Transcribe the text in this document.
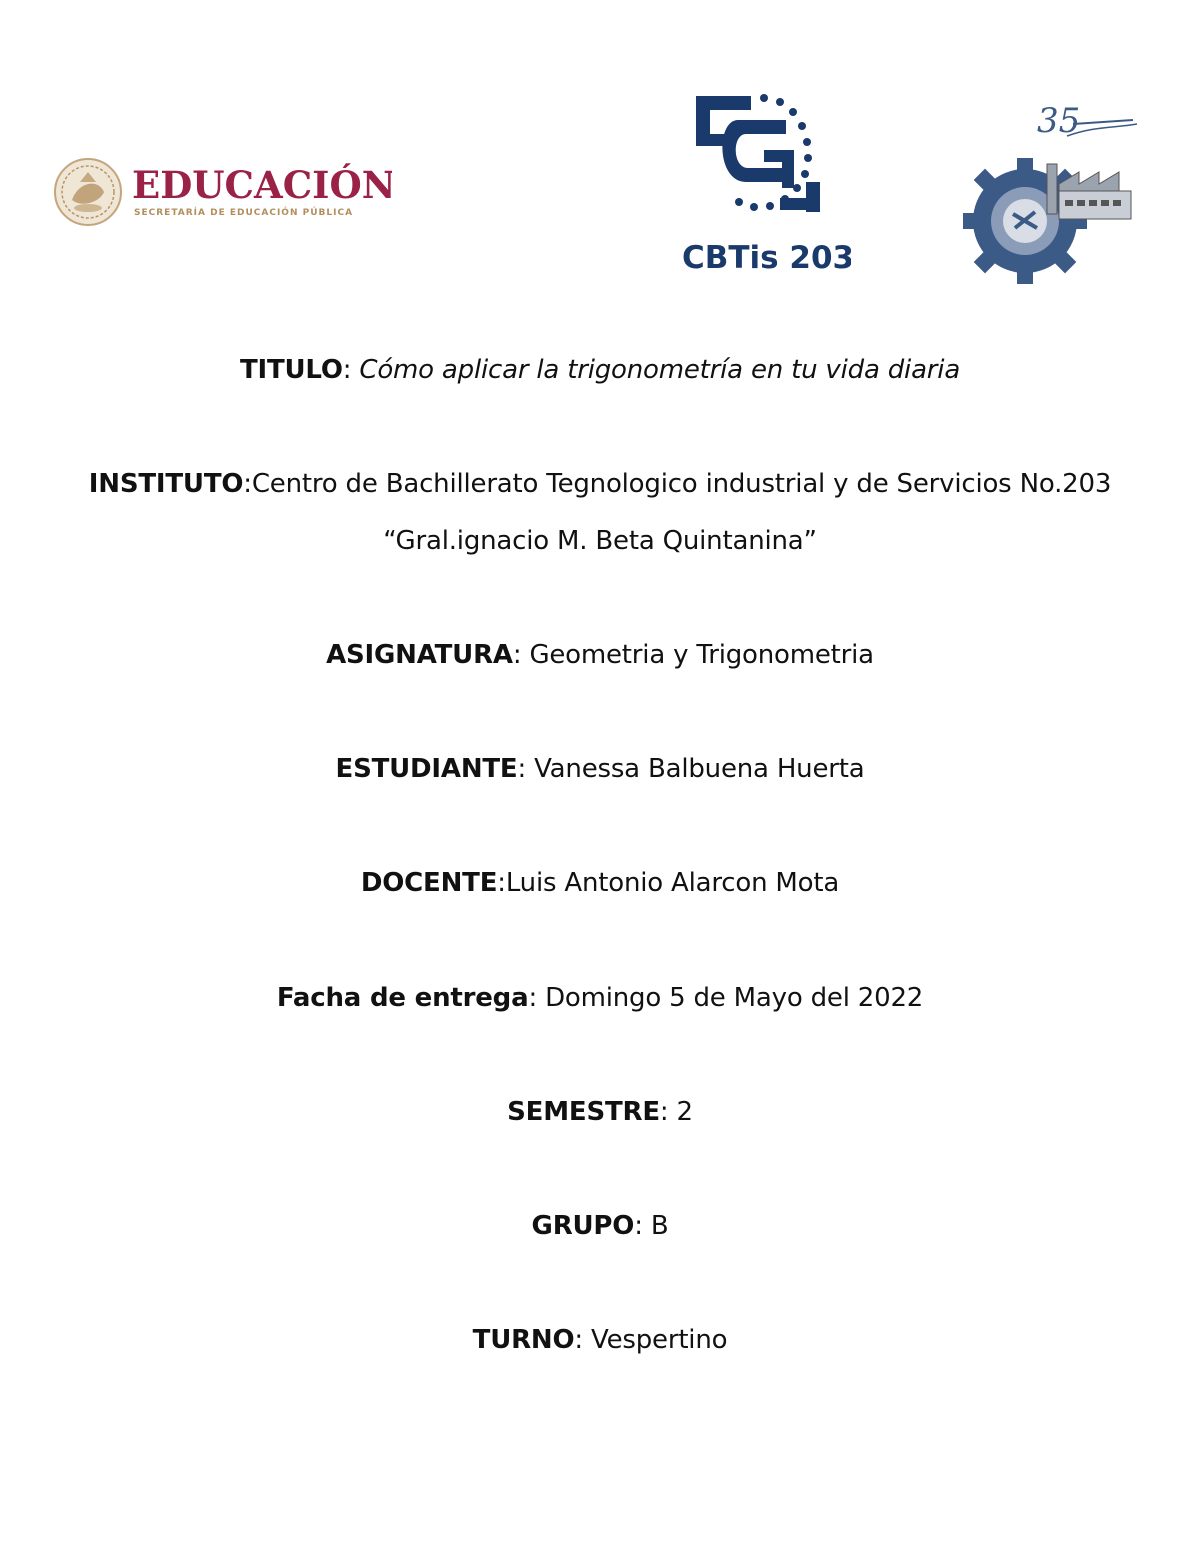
EDUCACIÓN
SECRETARÍA DE EDUCACIÓN PÚBLICA
CBTis 203
35
TITULO: Cómo aplicar la trigonometría en tu vida diaria
INSTITUTO:Centro de Bachillerato Tegnologico industrial y de Servicios No.203
“Gral.ignacio M. Beta Quintanina”
ASIGNATURA: Geometria y Trigonometria
ESTUDIANTE: Vanessa Balbuena Huerta
DOCENTE:Luis Antonio Alarcon Mota
Facha de entrega: Domingo 5 de Mayo del 2022
SEMESTRE: 2
GRUPO: B
TURNO: Vespertino
